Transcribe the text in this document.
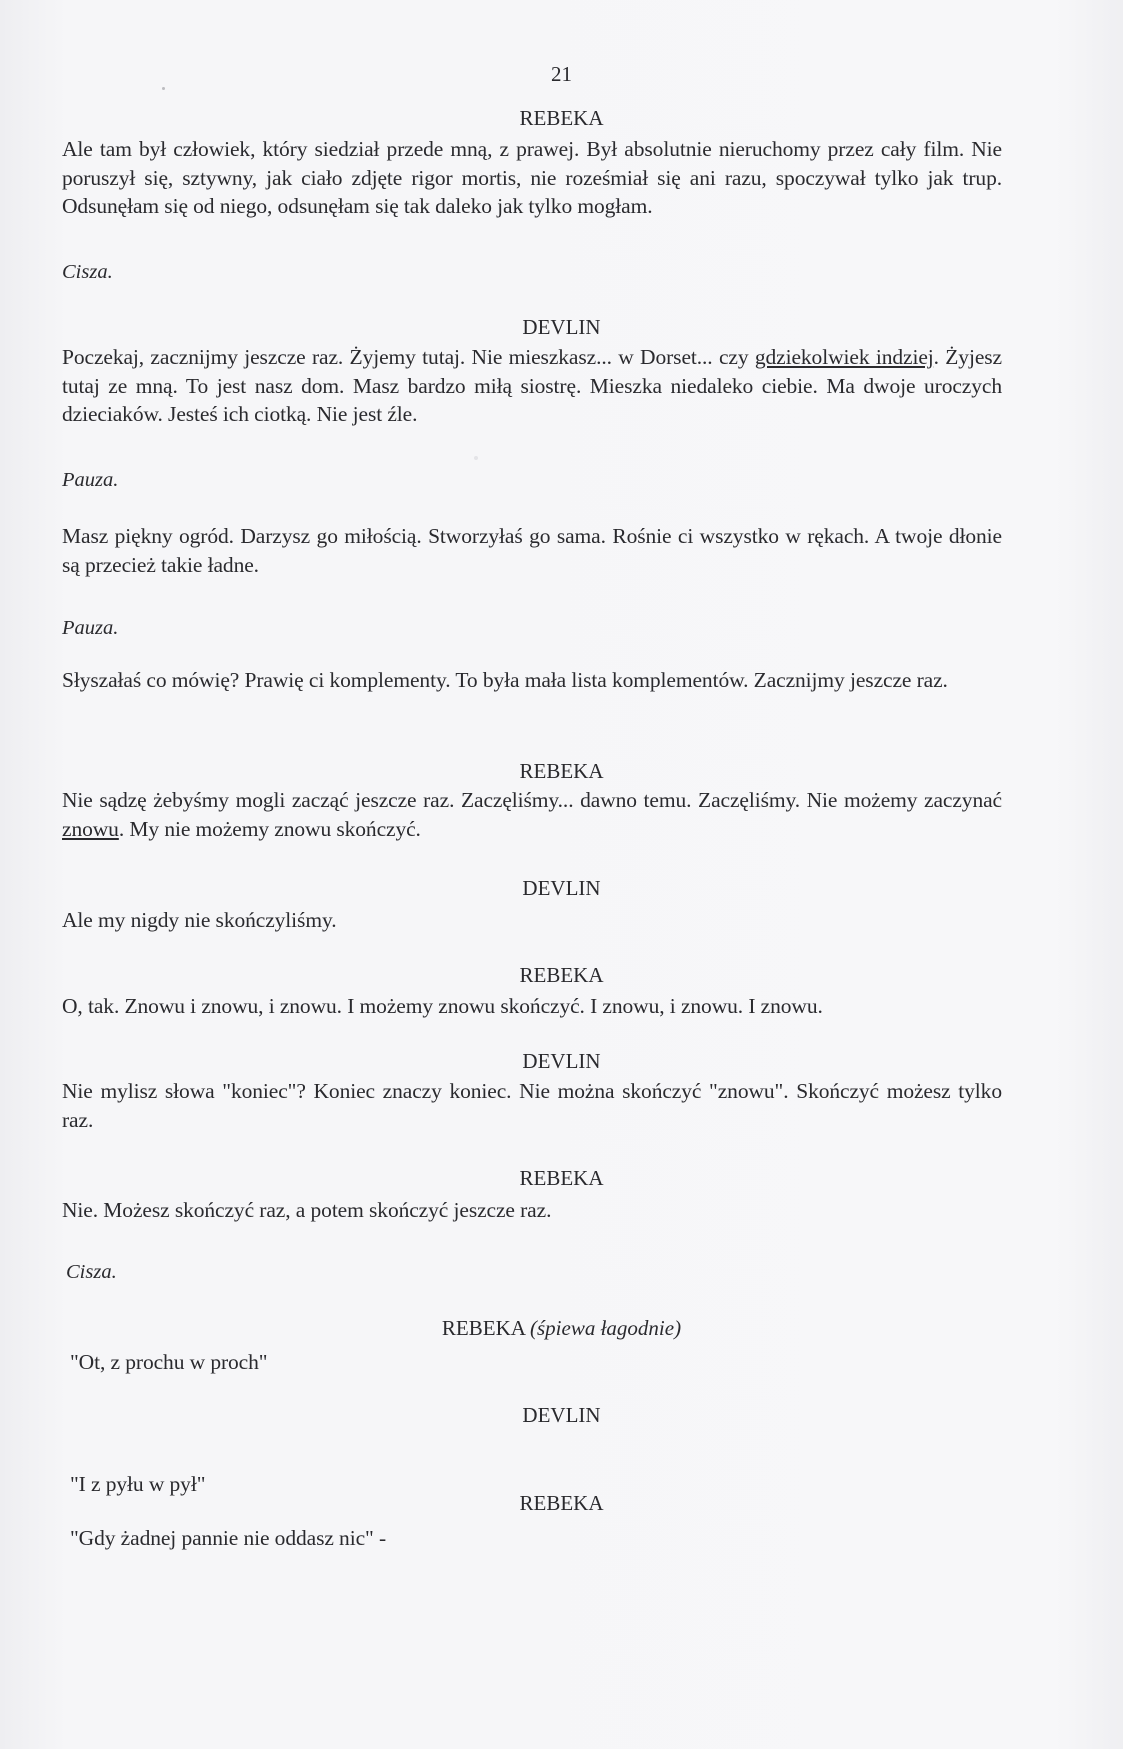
21
REBEKA
Ale tam był człowiek, który siedział przede mną, z prawej. Był absolutnie nieruchomy przez cały film. Nie poruszył się, sztywny, jak ciało zdjęte rigor mortis, nie roześmiał się ani razu, spoczywał tylko jak trup. Odsunęłam się od niego, odsunęłam się tak daleko jak tylko mogłam.
Cisza.
DEVLIN
Poczekaj, zacznijmy jeszcze raz. Żyjemy tutaj. Nie mieszkasz... w Dorset... czy gdziekolwiek indziej. Żyjesz tutaj ze mną. To jest nasz dom. Masz bardzo miłą siostrę. Mieszka niedaleko ciebie. Ma dwoje uroczych dzieciaków. Jesteś ich ciotką. Nie jest źle.
Pauza.
Masz piękny ogród. Darzysz go miłością. Stworzyłaś go sama. Rośnie ci wszystko w rękach. A twoje dłonie są przecież takie ładne.
Pauza.
Słyszałaś co mówię? Prawię ci komplementy. To była mała lista komplementów. Zacznijmy jeszcze raz.
REBEKA
Nie sądzę żebyśmy mogli zacząć jeszcze raz. Zaczęliśmy... dawno temu. Zaczęliśmy. Nie możemy zaczynać znowu. My nie możemy znowu skończyć.
DEVLIN
Ale my nigdy nie skończyliśmy.
REBEKA
O, tak. Znowu i znowu, i znowu. I możemy znowu skończyć. I znowu, i znowu. I znowu.
DEVLIN
Nie mylisz słowa "koniec"? Koniec znaczy koniec. Nie można skończyć "znowu". Skończyć możesz tylko raz.
REBEKA
Nie. Możesz skończyć raz, a potem skończyć jeszcze raz.
Cisza.
REBEKA (śpiewa łagodnie)
"Ot, z prochu w proch"
DEVLIN
"I z pyłu w pył"
REBEKA
"Gdy żadnej pannie nie oddasz nic" -
